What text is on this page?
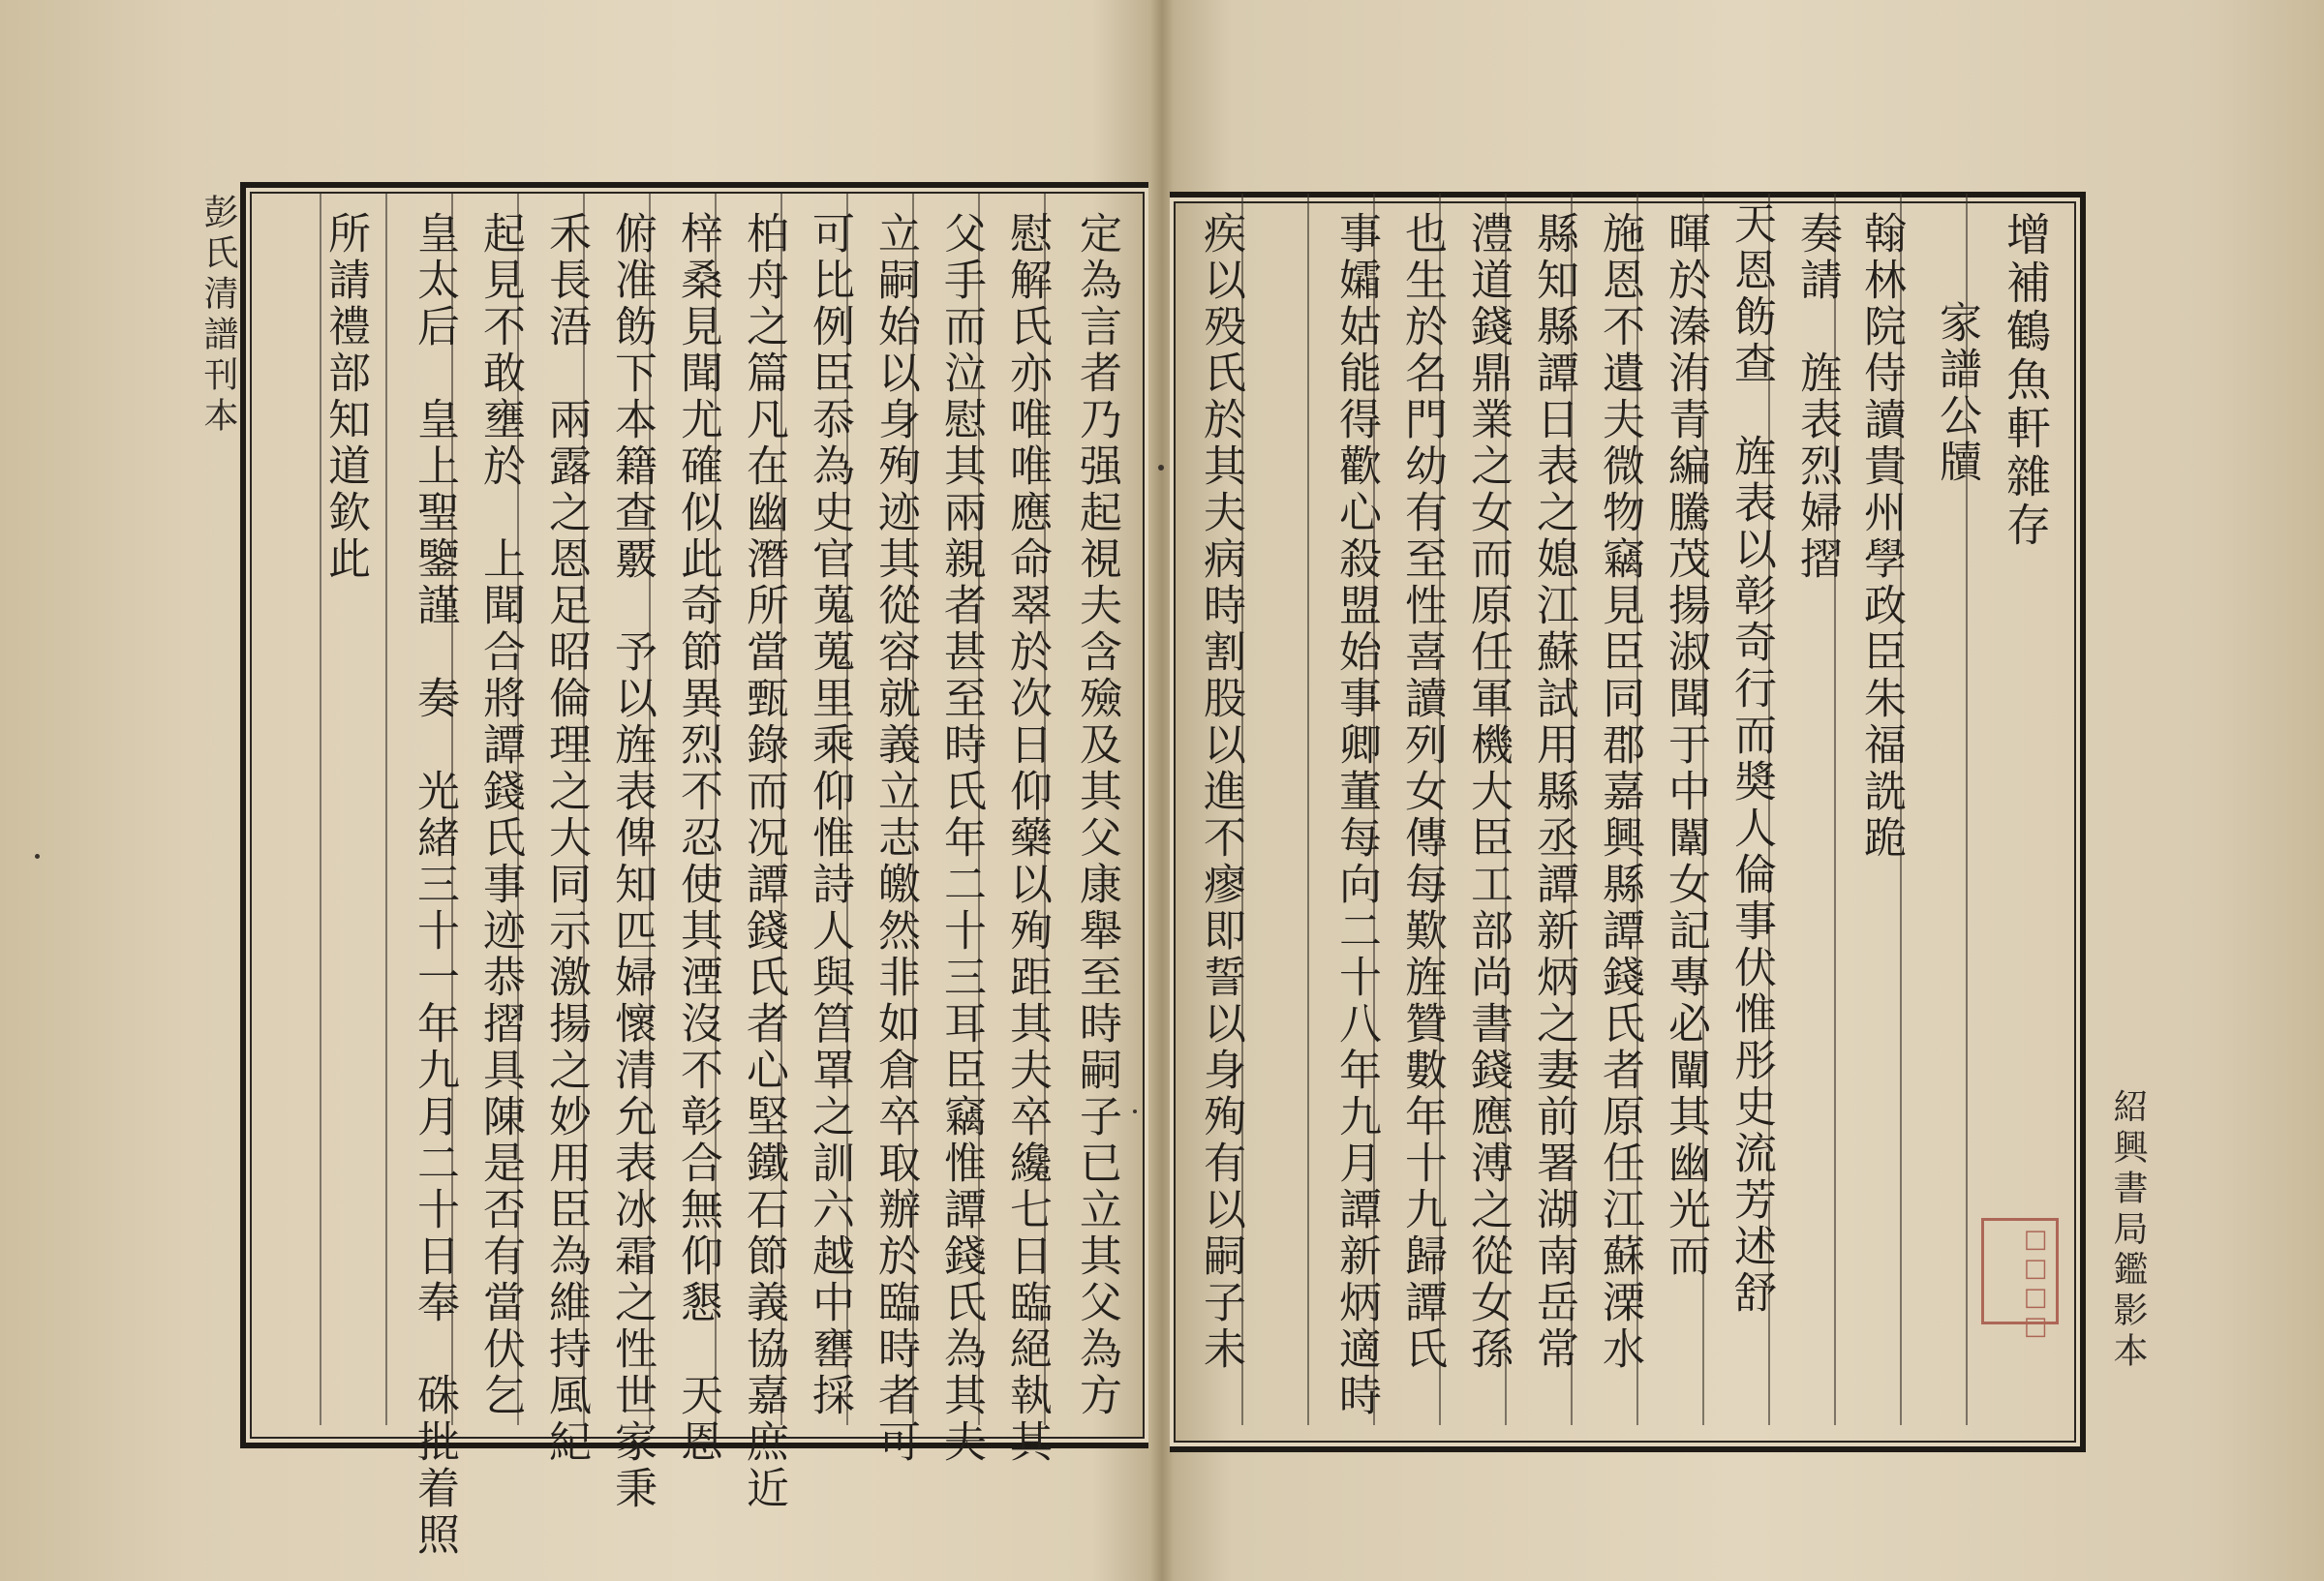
增補鶴魚軒雜存
家譜公牘
翰林院侍讀貴州學政臣朱福詵跪
奏請　旌表烈婦摺
天恩飭查　旌表以彰奇行而奬人倫事伏惟彤史流芳述舒
暉於溱洧青編騰茂揚淑聞于中闈女記專必闡其幽光而
施恩不遺夫微物竊見臣同郡嘉興縣譚錢氏者原任江蘇溧水
縣知縣譚日表之媳江蘇試用縣丞譚新炳之妻前署湖南岳常
澧道錢鼎業之女而原任軍機大臣工部尚書錢應溥之從女孫
也生於名門幼有至性喜讀列女傳每歎旌贊數年十九歸譚氏
事孀姑能得歡心殺盟始事卿董每向二十八年九月譚新炳適時
疾以殁氏於其夫病時割股以進不瘳即誓以身殉有以嗣子未
定為言者乃强起視夫含殮及其父康舉至時嗣子已立其父為方
慰解氏亦唯唯應命翠於次日仰藥以殉距其夫卒纔七日臨絕執其
父手而泣慰其兩親者甚至時氏年二十三耳臣竊惟譚錢氏為其夫
立嗣始以身殉迹其從容就義立志皦然非如倉卒取辦於臨時者可
可比例臣忝為史官蒐蒐里乘仰惟詩人與筥罩之訓六越中罋採
柏舟之篇凡在幽潛所當甄錄而况譚錢氏者心堅鐵石節義協嘉庶近
梓桑見聞尤確似此奇節異烈不忍使其湮沒不彰合無仰懇　天恩
俯准飭下本籍查覈　予以旌表俾知匹婦懷清允表冰霜之性世家秉
禾長浯　兩露之恩足昭倫理之大同示激揚之妙用臣為維持風紀
起見不敢壅於　上聞合將譚錢氏事迹恭摺具陳是否有當伏乞
皇太后　皇上聖鑒謹　奏　光緒三十一年九月二十日奉　硃批着照
所請禮部知道欽此
彭氏清譜刊本
紹興書局鑑影本
□□□□
